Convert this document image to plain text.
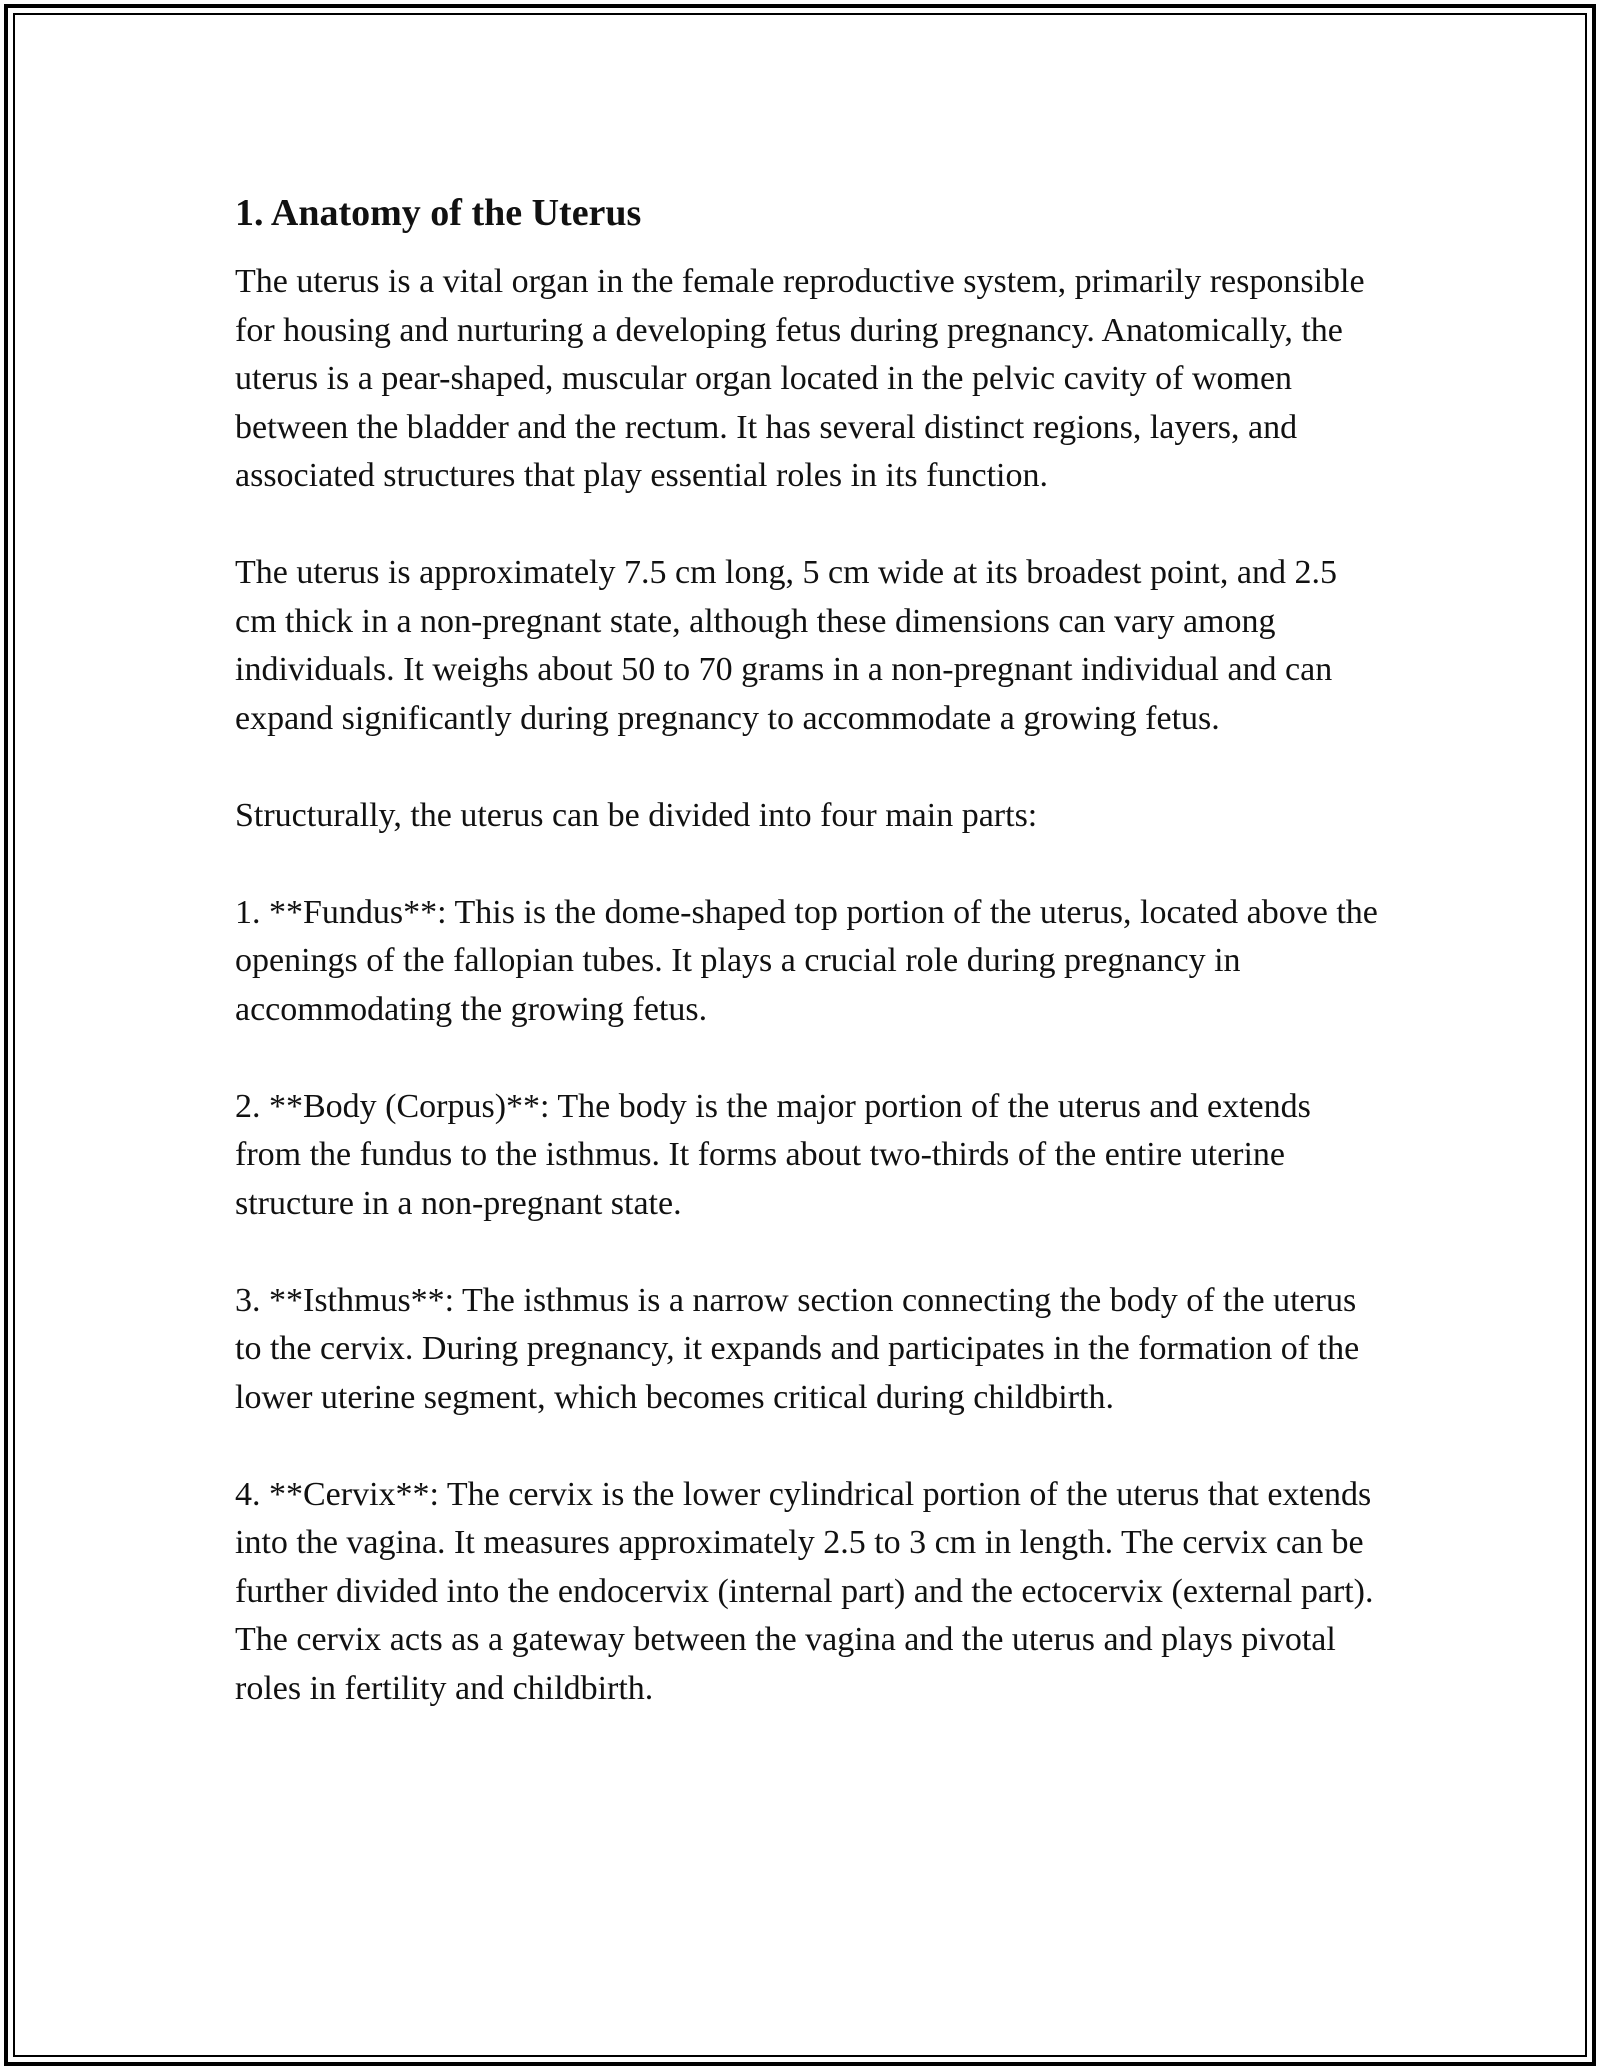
1. Anatomy of the Uterus

The uterus is a vital organ in the female reproductive system, primarily responsible for housing and nurturing a developing fetus during pregnancy. Anatomically, the uterus is a pear-shaped, muscular organ located in the pelvic cavity of women between the bladder and the rectum. It has several distinct regions, layers, and associated structures that play essential roles in its function.

The uterus is approximately 7.5 cm long, 5 cm wide at its broadest point, and 2.5 cm thick in a non-pregnant state, although these dimensions can vary among individuals. It weighs about 50 to 70 grams in a non-pregnant individual and can expand significantly during pregnancy to accommodate a growing fetus.

Structurally, the uterus can be divided into four main parts:

1. **Fundus**: This is the dome-shaped top portion of the uterus, located above the openings of the fallopian tubes. It plays a crucial role during pregnancy in accommodating the growing fetus.

2. **Body (Corpus)**: The body is the major portion of the uterus and extends from the fundus to the isthmus. It forms about two-thirds of the entire uterine structure in a non-pregnant state.

3. **Isthmus**: The isthmus is a narrow section connecting the body of the uterus to the cervix. During pregnancy, it expands and participates in the formation of the lower uterine segment, which becomes critical during childbirth.

4. **Cervix**: The cervix is the lower cylindrical portion of the uterus that extends into the vagina. It measures approximately 2.5 to 3 cm in length. The cervix can be further divided into the endocervix (internal part) and the ectocervix (external part). The cervix acts as a gateway between the vagina and the uterus and plays pivotal roles in fertility and childbirth.
